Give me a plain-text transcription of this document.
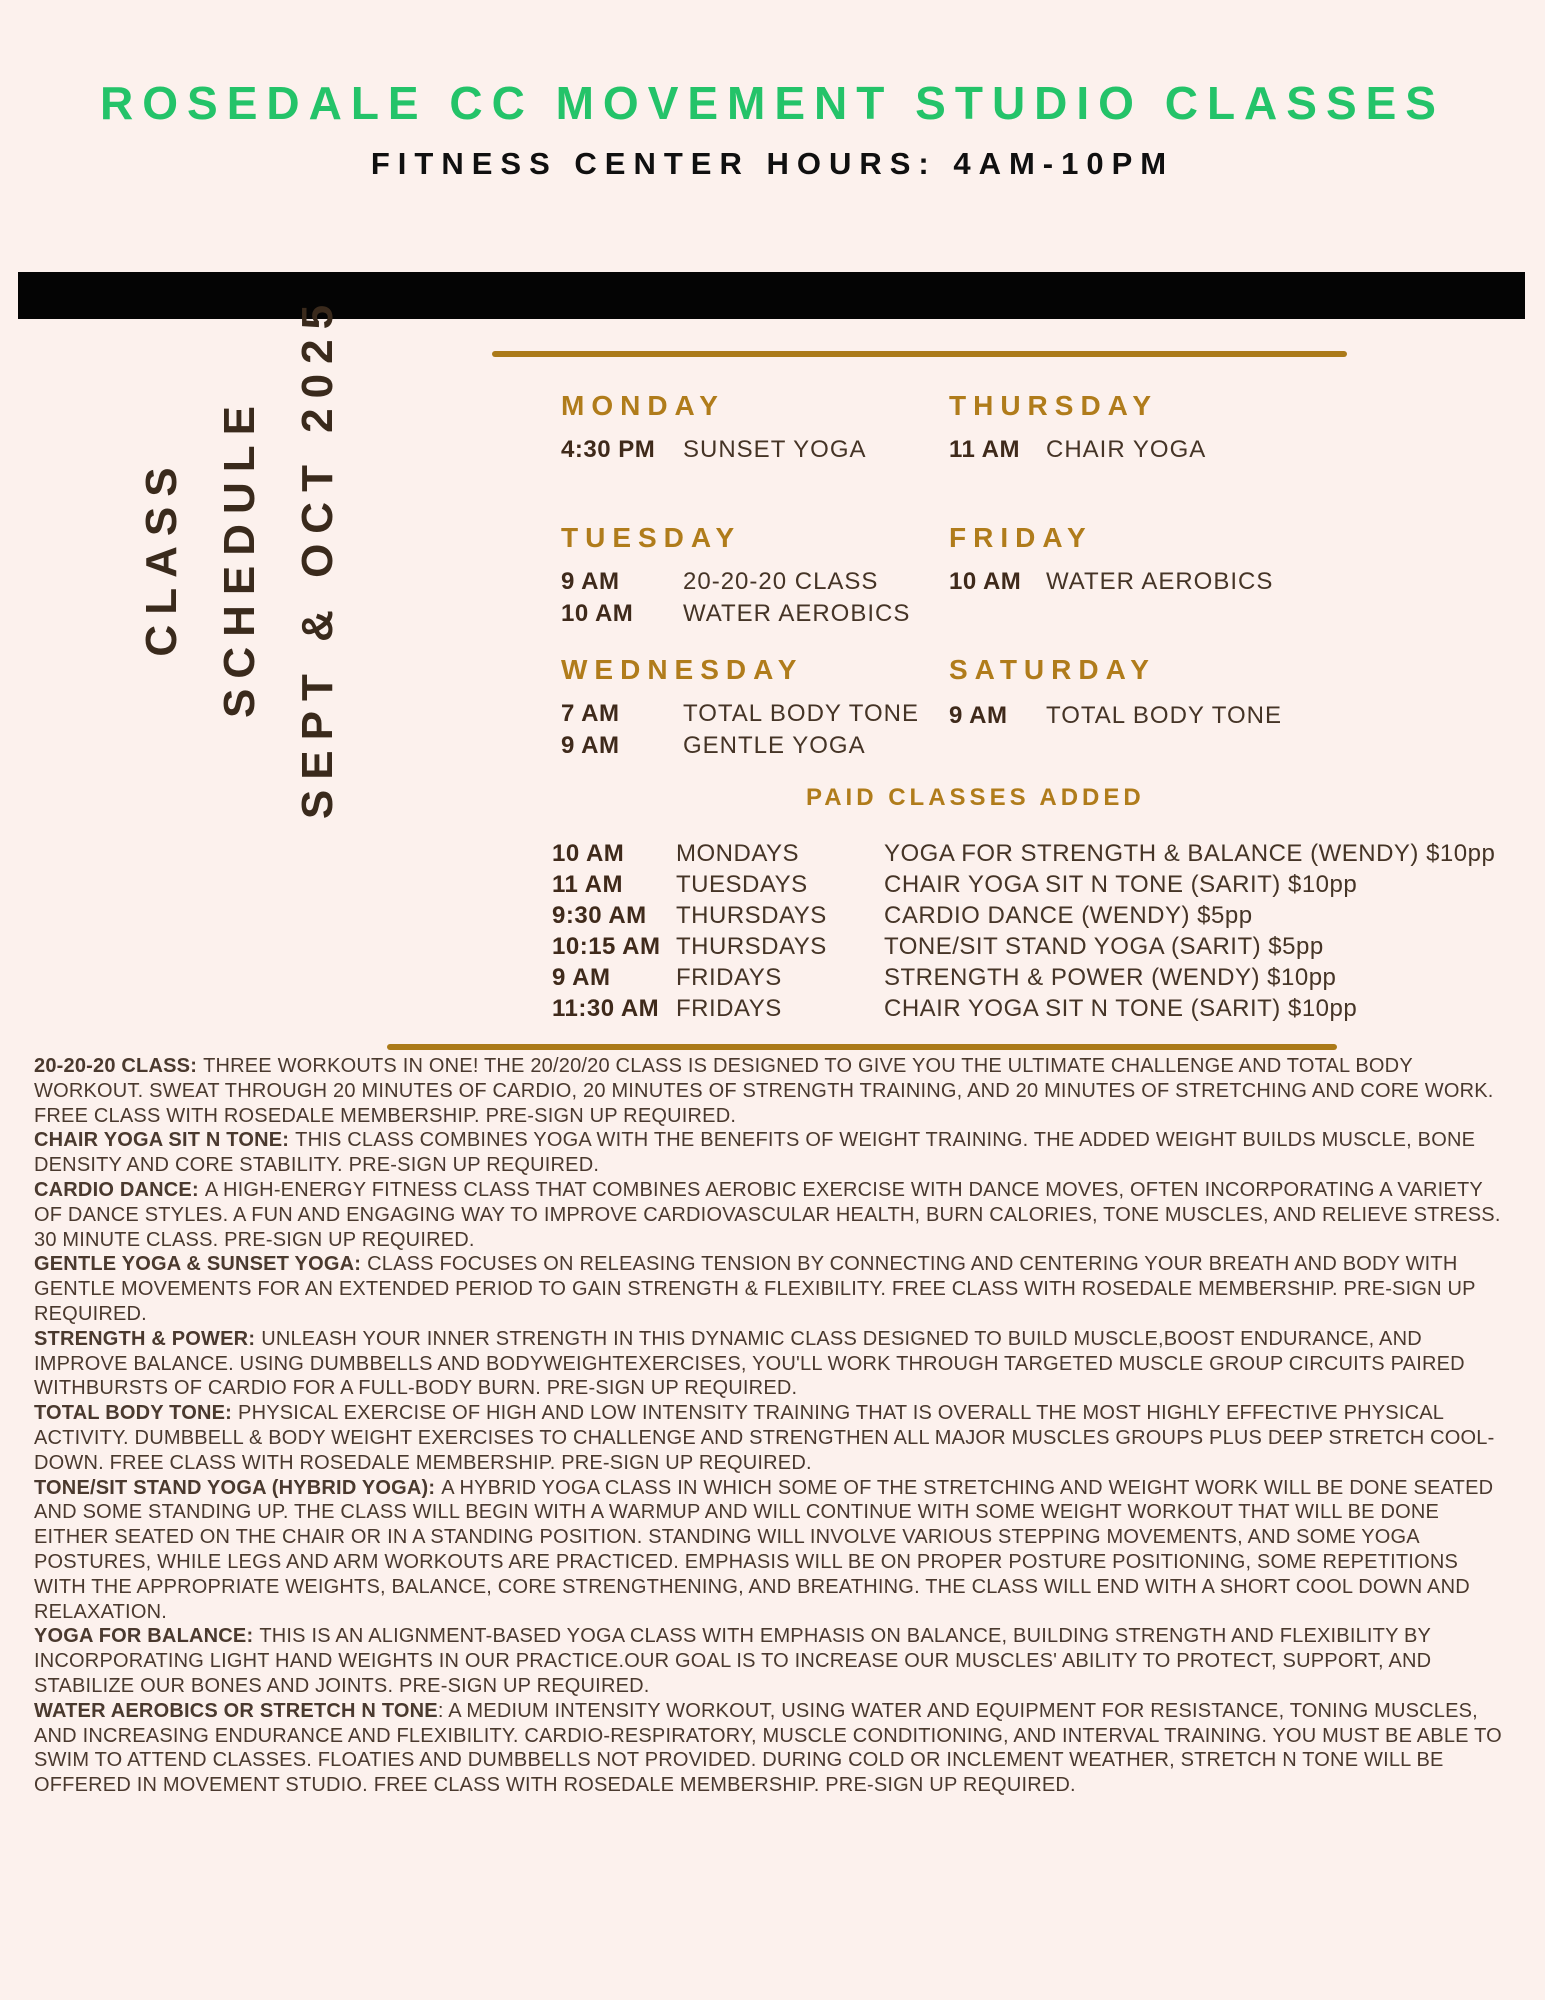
ROSEDALE CC MOVEMENT STUDIO CLASSES
FITNESS CENTER HOURS: 4AM-10PM
CLASS SCHEDULE SEPT & OCT 2025	MONDAY
4:30 PM	SUNSET YOGA
THURSDAY
11 AM	CHAIR YOGA
TUESDAY
9 AM	20-20-20 CLASS
10 AM	WATER AEROBICS
FRIDAY
10 AM	WATER AEROBICS
WEDNESDAY
7 AM	TOTAL BODY TONE
9 AM	GENTLE YOGA
SATURDAY
9 AM	TOTAL BODY TONE
PAID CLASSES ADDED
10 AM	MONDAYS	YOGA FOR STRENGTH & BALANCE (WENDY) $10pp
11 AM	TUESDAYS	CHAIR YOGA SIT N TONE (SARIT) $10pp
9:30 AM	THURSDAYS	CARDIO DANCE (WENDY) $5pp
10:15 AM THURSDAYS	TONE/SIT STAND YOGA (SARIT) $5pp
9 AM	FRIDAYS	STRENGTH & POWER (WENDY) $10pp
11:30 AM FRIDAYS	CHAIR YOGA SIT N TONE (SARIT) $10pp

20-20-20 CLASS: THREE WORKOUTS IN ONE! THE 20/20/20 CLASS IS DESIGNED TO GIVE YOU THE ULTIMATE CHALLENGE AND TOTAL BODY WORKOUT. SWEAT THROUGH 20 MINUTES OF CARDIO, 20 MINUTES OF STRENGTH TRAINING, AND 20 MINUTES OF STRETCHING AND CORE WORK. FREE CLASS WITH ROSEDALE MEMBERSHIP. PRE-SIGN UP REQUIRED.

CHAIR YOGA SIT N TONE: THIS CLASS COMBINES YOGA WITH THE BENEFITS OF WEIGHT TRAINING. THE ADDED WEIGHT BUILDS MUSCLE, BONE DENSITY AND CORE STABILITY. PRE-SIGN UP REQUIRED.

CARDIO DANCE: A HIGH-ENERGY FITNESS CLASS THAT COMBINES AEROBIC EXERCISE WITH DANCE MOVES, OFTEN INCORPORATING A VARIETY OF DANCE STYLES. A FUN AND ENGAGING WAY TO IMPROVE CARDIOVASCULAR HEALTH, BURN CALORIES, TONE MUSCLES, AND RELIEVE STRESS. 30 MINUTE CLASS. PRE-SIGN UP REQUIRED.

GENTLE YOGA & SUNSET YOGA: CLASS FOCUSES ON RELEASING TENSION BY CONNECTING AND CENTERING YOUR BREATH AND BODY WITH GENTLE MOVEMENTS FOR AN EXTENDED PERIOD TO GAIN STRENGTH & FLEXIBILITY. FREE CLASS WITH ROSEDALE MEMBERSHIP. PRE-SIGN UP REQUIRED.

STRENGTH & POWER: UNLEASH YOUR INNER STRENGTH IN THIS DYNAMIC CLASS DESIGNED TO BUILD MUSCLE,BOOST ENDURANCE, AND IMPROVE BALANCE. USING DUMBBELLS AND BODYWEIGHTEXERCISES, YOU'LL WORK THROUGH TARGETED MUSCLE GROUP CIRCUITS PAIRED WITHBURSTS OF CARDIO FOR A FULL-BODY BURN. PRE-SIGN UP REQUIRED.

TOTAL BODY TONE: PHYSICAL EXERCISE OF HIGH AND LOW INTENSITY TRAINING THAT IS OVERALL THE MOST HIGHLY EFFECTIVE PHYSICAL ACTIVITY. DUMBBELL & BODY WEIGHT EXERCISES TO CHALLENGE AND STRENGTHEN ALL MAJOR MUSCLES GROUPS PLUS DEEP STRETCH COOL-DOWN. FREE CLASS WITH ROSEDALE MEMBERSHIP. PRE-SIGN UP REQUIRED.

TONE/SIT STAND YOGA (HYBRID YOGA): A HYBRID YOGA CLASS IN WHICH SOME OF THE STRETCHING AND WEIGHT WORK WILL BE DONE SEATED AND SOME STANDING UP. THE CLASS WILL BEGIN WITH A WARMUP AND WILL CONTINUE WITH SOME WEIGHT WORKOUT THAT WILL BE DONE EITHER SEATED ON THE CHAIR OR IN A STANDING POSITION. STANDING WILL INVOLVE VARIOUS STEPPING MOVEMENTS, AND SOME YOGA POSTURES, WHILE LEGS AND ARM WORKOUTS ARE PRACTICED. EMPHASIS WILL BE ON PROPER POSTURE POSITIONING, SOME REPETITIONS WITH THE APPROPRIATE WEIGHTS, BALANCE, CORE STRENGTHENING, AND BREATHING. THE CLASS WILL END WITH A SHORT COOL DOWN AND RELAXATION.

YOGA FOR BALANCE: THIS IS AN ALIGNMENT-BASED YOGA CLASS WITH EMPHASIS ON BALANCE, BUILDING STRENGTH AND FLEXIBILITY BY INCORPORATING LIGHT HAND WEIGHTS IN OUR PRACTICE.OUR GOAL IS TO INCREASE OUR MUSCLES' ABILITY TO PROTECT, SUPPORT, AND STABILIZE OUR BONES AND JOINTS. PRE-SIGN UP REQUIRED.

WATER AEROBICS OR STRETCH N TONE: A MEDIUM INTENSITY WORKOUT, USING WATER AND EQUIPMENT FOR RESISTANCE, TONING MUSCLES, AND INCREASING ENDURANCE AND FLEXIBILITY. CARDIO-RESPIRATORY, MUSCLE CONDITIONING, AND INTERVAL TRAINING. YOU MUST BE ABLE TO SWIM TO ATTEND CLASSES. FLOATIES AND DUMBBELLS NOT PROVIDED. DURING COLD OR INCLEMENT WEATHER, STRETCH N TONE WILL BE OFFERED IN MOVEMENT STUDIO. FREE CLASS WITH ROSEDALE MEMBERSHIP. PRE-SIGN UP REQUIRED.
